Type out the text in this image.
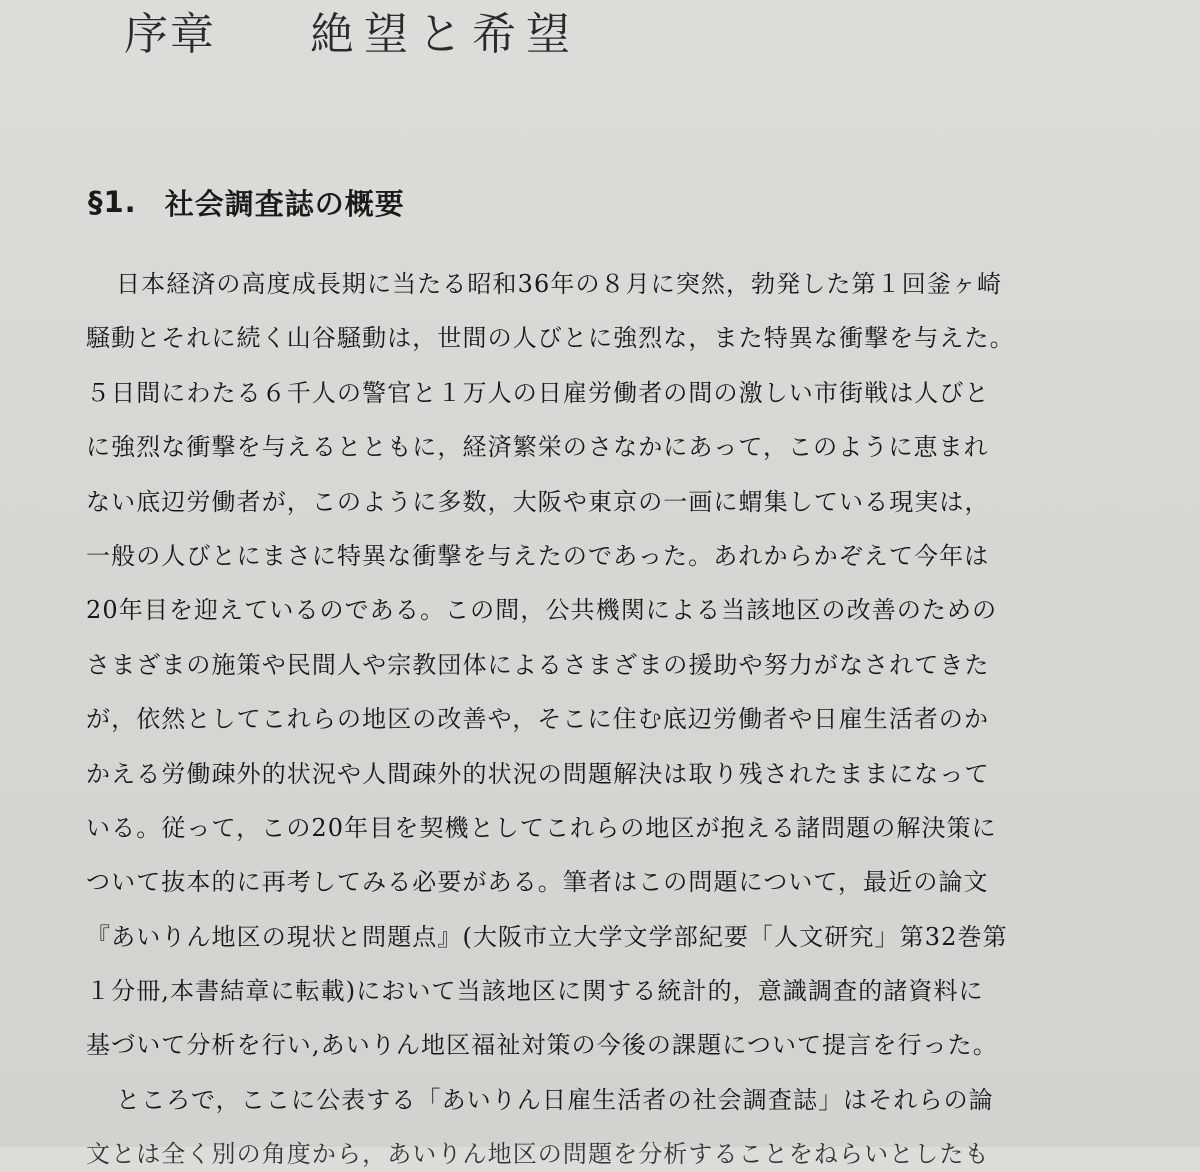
序章 絶望と希望
§1. 社会調査誌の概要
日本経済の高度成長期に当たる昭和36年の８月に突然，勃発した第１回釜ヶ崎
騒動とそれに続く山谷騒動は，世間の人びとに強烈な，また特異な衝撃を与えた。
５日間にわたる６千人の警官と１万人の日雇労働者の間の激しい市街戦は人びと
に強烈な衝撃を与えるとともに，経済繁栄のさなかにあって，このように恵まれ
ない底辺労働者が，このように多数，大阪や東京の一画に蝟集している現実は，
一般の人びとにまさに特異な衝撃を与えたのであった。あれからかぞえて今年は
20年目を迎えているのである。この間，公共機関による当該地区の改善のための
さまざまの施策や民間人や宗教団体によるさまざまの援助や努力がなされてきた
が，依然としてこれらの地区の改善や，そこに住む底辺労働者や日雇生活者のか
かえる労働疎外的状況や人間疎外的状況の問題解決は取り残されたままになって
いる。従って，この20年目を契機としてこれらの地区が抱える諸問題の解決策に
ついて抜本的に再考してみる必要がある。筆者はこの問題について，最近の論文
『あいりん地区の現状と問題点』(大阪市立大学文学部紀要「人文研究」第32巻第
１分冊,本書結章に転載)において当該地区に関する統計的，意識調査的諸資料に
基づいて分析を行い,あいりん地区福祉対策の今後の課題について提言を行った。
ところで，ここに公表する「あいりん日雇生活者の社会調査誌」はそれらの論
文とは全く別の角度から，あいりん地区の問題を分析することをねらいとしたも
